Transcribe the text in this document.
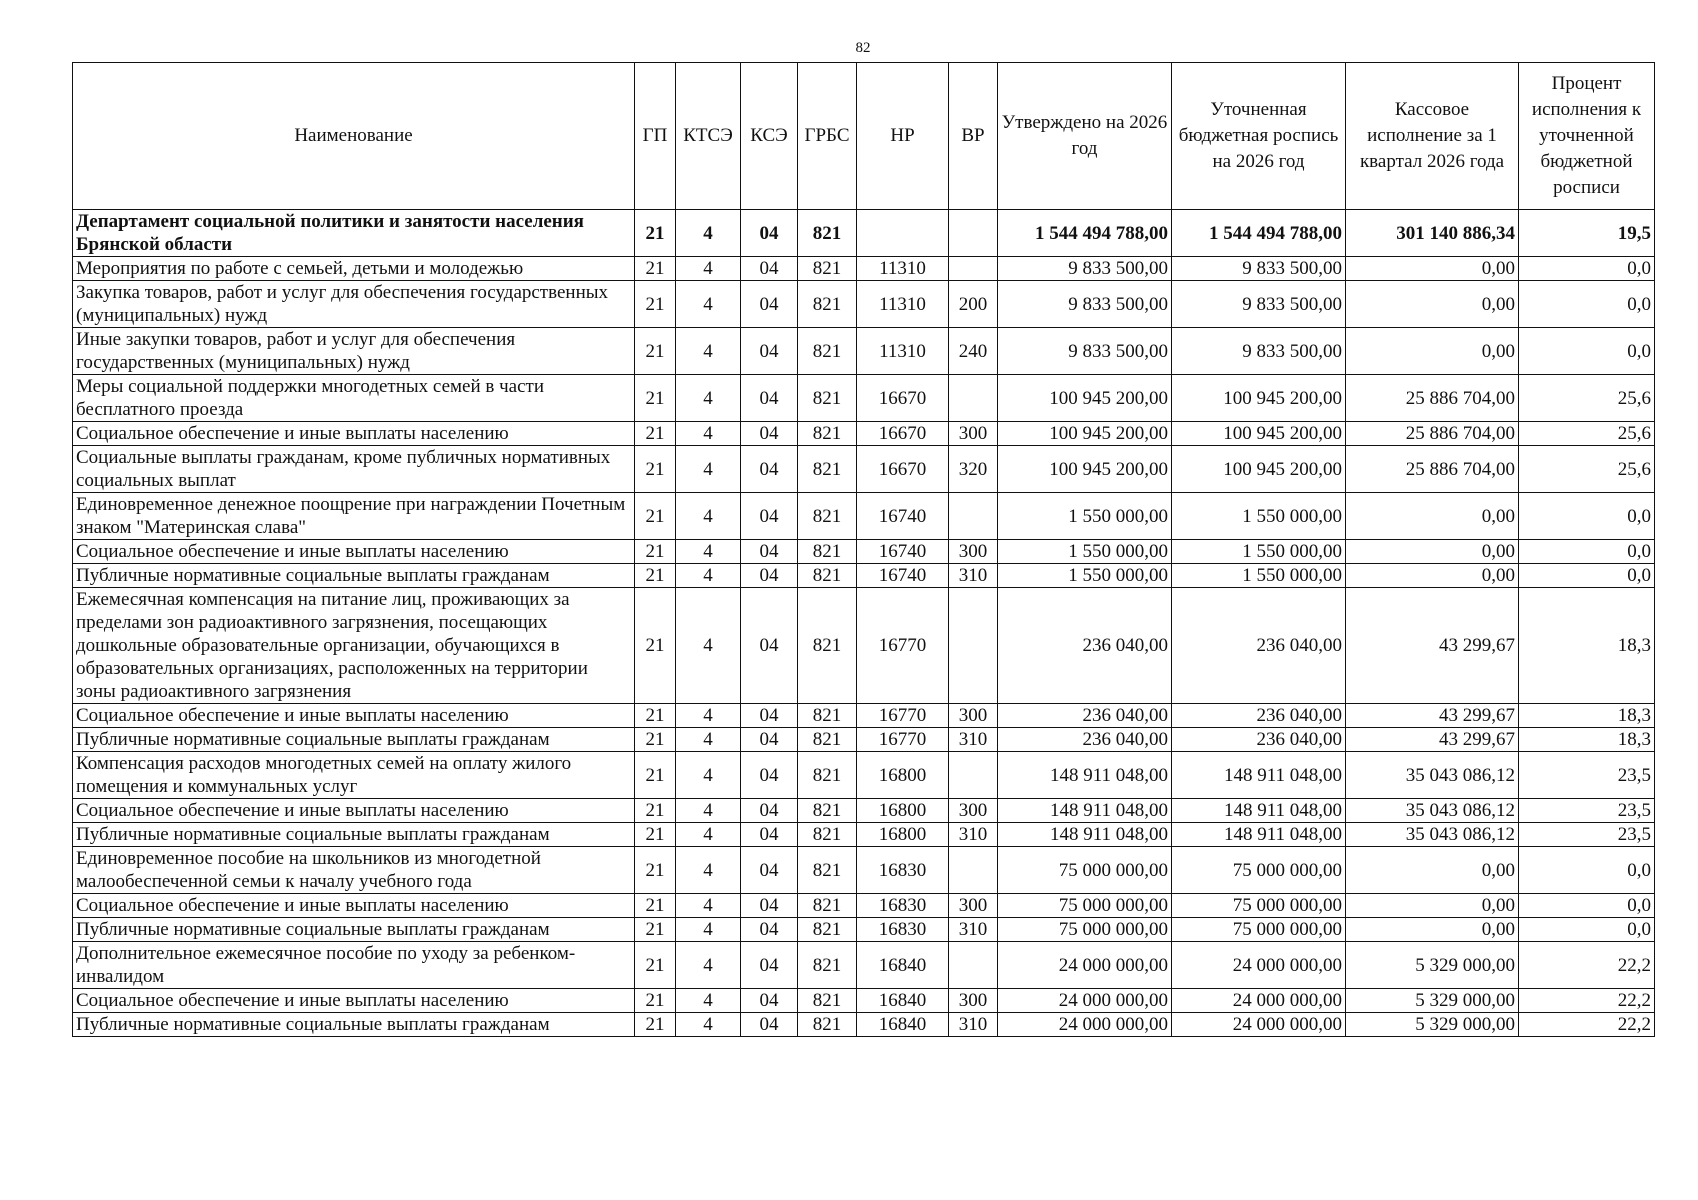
82
Наименование	ГП	КТСЭ	КСЭ	ГРБС	НР	ВР	Утверждено на 2026 год	Уточненная бюджетная роспись на 2026 год	Кассовое исполнение за 1 квартал 2026 года	Процент исполнения к уточненной бюджетной росписи
Департамент социальной политики и занятости населения Брянской области	21	4	04	821			1 544 494 788,00	1 544 494 788,00	301 140 886,34	19,5
Мероприятия по работе с семьей, детьми и молодежью	21	4	04	821	11310		9 833 500,00	9 833 500,00	0,00	0,0
Закупка товаров, работ и услуг для обеспечения государственных (муниципальных) нужд	21	4	04	821	11310	200	9 833 500,00	9 833 500,00	0,00	0,0
Иные закупки товаров, работ и услуг для обеспечения государственных (муниципальных) нужд	21	4	04	821	11310	240	9 833 500,00	9 833 500,00	0,00	0,0
Меры социальной поддержки многодетных семей в части бесплатного проезда	21	4	04	821	16670		100 945 200,00	100 945 200,00	25 886 704,00	25,6
Социальное обеспечение и иные выплаты населению	21	4	04	821	16670	300	100 945 200,00	100 945 200,00	25 886 704,00	25,6
Социальные выплаты гражданам, кроме публичных нормативных социальных выплат	21	4	04	821	16670	320	100 945 200,00	100 945 200,00	25 886 704,00	25,6
Единовременное денежное поощрение при награждении Почетным знаком "Материнская слава"	21	4	04	821	16740		1 550 000,00	1 550 000,00	0,00	0,0
Социальное обеспечение и иные выплаты населению	21	4	04	821	16740	300	1 550 000,00	1 550 000,00	0,00	0,0
Публичные нормативные социальные выплаты гражданам	21	4	04	821	16740	310	1 550 000,00	1 550 000,00	0,00	0,0
Ежемесячная компенсация на питание лиц, проживающих за пределами зон радиоактивного загрязнения, посещающих дошкольные образовательные организации, обучающихся в образовательных организациях, расположенных на территории зоны радиоактивного загрязнения	21	4	04	821	16770		236 040,00	236 040,00	43 299,67	18,3
Социальное обеспечение и иные выплаты населению	21	4	04	821	16770	300	236 040,00	236 040,00	43 299,67	18,3
Публичные нормативные социальные выплаты гражданам	21	4	04	821	16770	310	236 040,00	236 040,00	43 299,67	18,3
Компенсация расходов многодетных семей на оплату жилого помещения и коммунальных услуг	21	4	04	821	16800		148 911 048,00	148 911 048,00	35 043 086,12	23,5
Социальное обеспечение и иные выплаты населению	21	4	04	821	16800	300	148 911 048,00	148 911 048,00	35 043 086,12	23,5
Публичные нормативные социальные выплаты гражданам	21	4	04	821	16800	310	148 911 048,00	148 911 048,00	35 043 086,12	23,5
Единовременное пособие на школьников из многодетной малообеспеченной семьи к началу учебного года	21	4	04	821	16830		75 000 000,00	75 000 000,00	0,00	0,0
Социальное обеспечение и иные выплаты населению	21	4	04	821	16830	300	75 000 000,00	75 000 000,00	0,00	0,0
Публичные нормативные социальные выплаты гражданам	21	4	04	821	16830	310	75 000 000,00	75 000 000,00	0,00	0,0
Дополнительное ежемесячное пособие по уходу за ребенком-инвалидом	21	4	04	821	16840		24 000 000,00	24 000 000,00	5 329 000,00	22,2
Социальное обеспечение и иные выплаты населению	21	4	04	821	16840	300	24 000 000,00	24 000 000,00	5 329 000,00	22,2
Публичные нормативные социальные выплаты гражданам	21	4	04	821	16840	310	24 000 000,00	24 000 000,00	5 329 000,00	22,2
